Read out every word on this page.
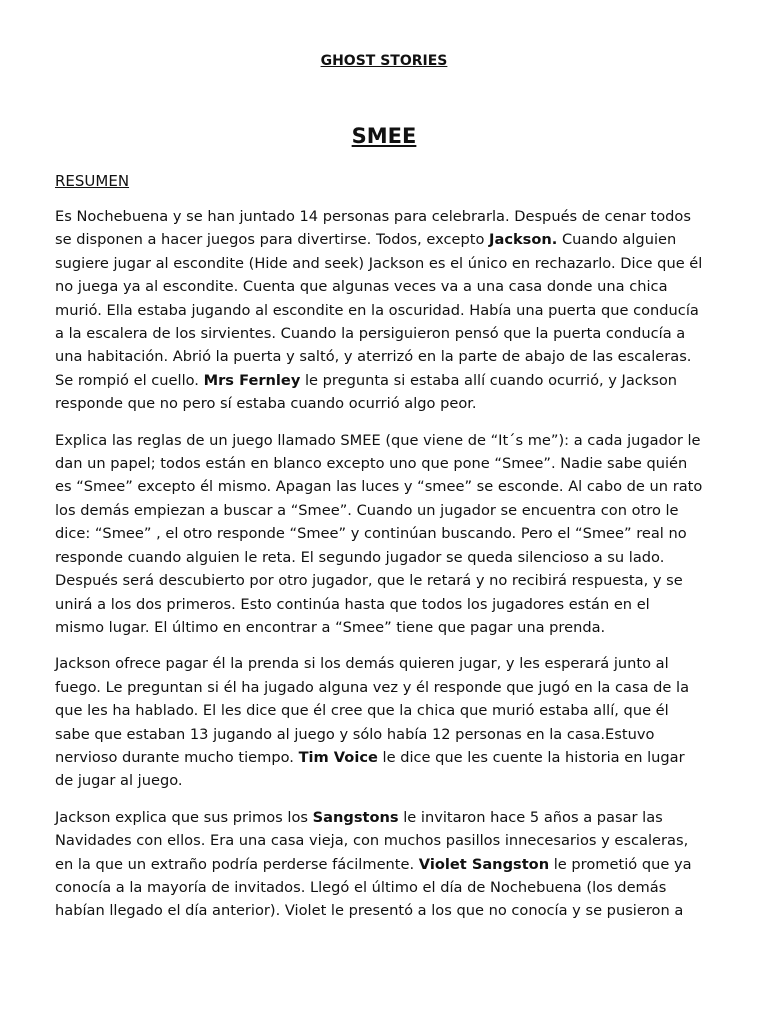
GHOST STORIES
SMEE
RESUMEN

Es Nochebuena y se han juntado 14 personas para celebrarla. Después de cenar todos se disponen a hacer juegos para divertirse. Todos, excepto Jackson. Cuando alguien sugiere jugar al escondite (Hide and seek) Jackson es el único en rechazarlo. Dice que él no juega ya al escondite. Cuenta que algunas veces va a una casa donde una chica murió. Ella estaba jugando al escondite en la oscuridad. Había una puerta que conducía a la escalera de los sirvientes. Cuando la persiguieron pensó que la puerta conducía a una habitación. Abrió la puerta y saltó, y aterrizó en la parte de abajo de las escaleras. Se rompió el cuello. Mrs Fernley le pregunta si estaba allí cuando ocurrió, y Jackson responde que no pero sí estaba cuando ocurrió algo peor.

Explica las reglas de un juego llamado SMEE (que viene de “It´s me”): a cada jugador le dan un papel; todos están en blanco excepto uno que pone “Smee”. Nadie sabe quién es “Smee” excepto él mismo. Apagan las luces y “smee” se esconde. Al cabo de un rato los demás empiezan a buscar a “Smee”. Cuando un jugador se encuentra con otro le dice: “Smee” , el otro responde “Smee” y continúan buscando. Pero el “Smee” real no responde cuando alguien le reta. El segundo jugador se queda silencioso a su lado. Después será descubierto por otro jugador, que le retará y no recibirá respuesta, y se unirá a los dos primeros. Esto continúa hasta que todos los jugadores están en el mismo lugar. El último en encontrar a “Smee” tiene que pagar una prenda.

Jackson ofrece pagar él la prenda si los demás quieren jugar, y les esperará junto al fuego. Le preguntan si él ha jugado alguna vez y él responde que jugó en la casa de la que les ha hablado. El les dice que él cree que la chica que murió estaba allí, que él sabe que estaban 13 jugando al juego y sólo había 12 personas en la casa.Estuvo nervioso durante mucho tiempo. Tim Voice le dice que les cuente la historia en lugar de jugar al juego.

Jackson explica que sus primos los Sangstons le invitaron hace 5 años a pasar las Navidades con ellos. Era una casa vieja, con muchos pasillos innecesarios y escaleras, en la que un extraño podría perderse fácilmente. Violet Sangston le prometió que ya conocía a la mayoría de invitados. Llegó el último el día de Nochebuena (los demás habían llegado el día anterior). Violet le presentó a los que no conocía y se pusieron a
